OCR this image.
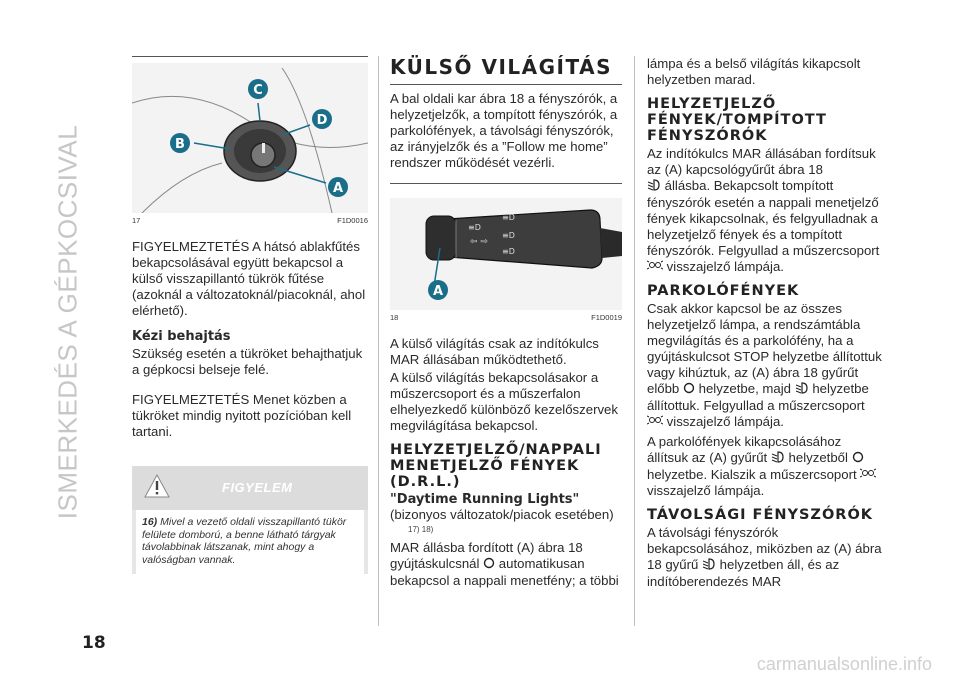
ISMERKEDÉS A GÉPKOCSIVAL
18
C
B
D
A
17	F1D0016

FIGYELMEZTETÉS A hátsó ablakfűtés bekapcsolásával együtt bekapcsol a külső visszapillantó tükrök fűtése (azoknál a változatoknál/piacoknál, ahol elérhető).

Kézi behajtás

Szükség esetén a tükröket behajthatjuk a gépkocsi belseje felé.

FIGYELMEZTETÉS Menet közben a tükröket mindig nyitott pozícióban kell tartani.

FIGYELEM
16) Mivel a vezető oldali visszapillantó tükör felülete domború, a benne látható tárgyak távolabbinak látszanak, mint ahogy a valóságban vannak.
KÜLSŐ VILÁGÍTÁS

A bal oldali kar ábra 18 a fényszórók, a helyzetjelzők, a tompított fényszórók, a parkolófények, a távolsági fényszórók, az irányjelzők és a ”Follow me home” rendszer működését vezérli.

≡D
⇦ ⇨
≡D
≡D
≡D
A
18	F1D0019

A külső világítás csak az indítókulcs MAR állásában működtethető.

A külső világítás bekapcsolásakor a műszercsoport és a műszerfalon elhelyezkedő különböző kezelőszervek megvilágítása bekapcsol.

HELYZETJELZŐ/NAPPALI MENETJELZŐ FÉNYEK (D.R.L.)
"Daytime Running Lights"

(bizonyos változatok/piacok esetében)

17) 18)

MAR állásba fordított (A) ábra 18 gyújtáskulcsnál automatikusan bekapcsol a nappali menetfény; a többi

lámpa és a belső világítás kikapcsolt helyzetben marad.

HELYZETJELZŐ FÉNYEK/TOMPÍTOTT FÉNYSZÓRÓK

Az indítókulcs MAR állásában fordítsuk az (A) kapcsológyűrűt ábra 18
állásba. Bekapcsolt tompított fényszórók esetén a nappali menetjelző fények kikapcsolnak, és felgyulladnak a helyzetjelző fények és a tompított fényszórók. Felgyullad a műszercsoport  visszajelző lámpája.

PARKOLÓFÉNYEK

Csak akkor kapcsol be az összes helyzetjelző lámpa, a rendszámtábla megvilágítás és a parkolófény, ha a gyújtáskulcsot STOP helyzetbe állítottuk vagy kihúztuk, az (A) ábra 18 gyűrűt előbb helyzetbe, majd helyzetbe állítottuk. Felgyullad a műszercsoport  visszajelző lámpája.

A parkolófények kikapcsolásához állítsuk az (A) gyűrűt helyzetből  helyzetbe. Kialszik a műszercsoport  visszajelző lámpája.

TÁVOLSÁGI FÉNYSZÓRÓK

A távolsági fényszórók bekapcsolásához, miközben az (A) ábra 18 gyűrű helyzetben áll, és az indítóberendezés MAR

carmanualsonline.info
